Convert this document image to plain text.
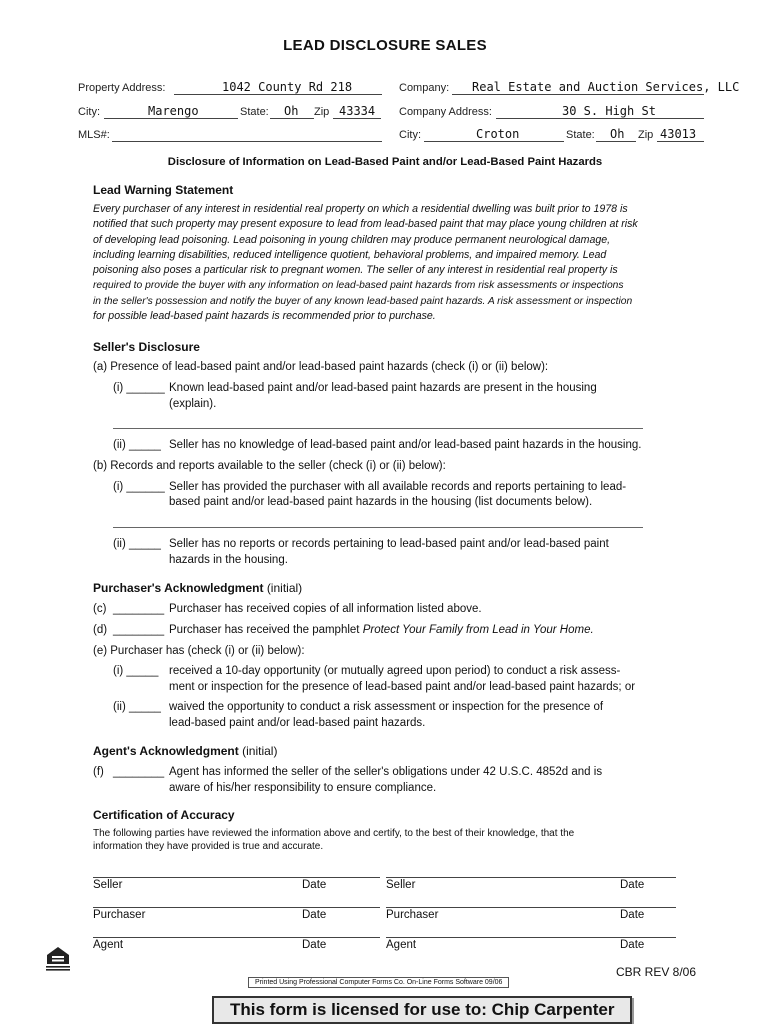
LEAD DISCLOSURE SALES
Property Address:	1042 County Rd 218
City:	Marengo	State: Oh Zip 43334
MLS#:
Company: Real Estate and Auction Services, LLC
Company Address:	30 S. High St
City:	Croton	State: Oh Zip 43013
Disclosure of Information on Lead-Based Paint and/or Lead-Based Paint Hazards
Lead Warning Statement
Every purchaser of any interest in residential real property on which a residential dwelling was built prior to 1978 is
notified that such property may present exposure to lead from lead-based paint that may place young children at risk
of developing lead poisoning. Lead poisoning in young children may produce permanent neurological damage,
including learning disabilities, reduced intelligence quotient, behavioral problems, and impaired memory. Lead
poisoning also poses a particular risk to pregnant women. The seller of any interest in residential real property is
required to provide the buyer with any information on lead-based paint hazards from risk assessments or inspections
in the seller's possession and notify the buyer of any known lead-based paint hazards. A risk assessment or inspection
for possible lead-based paint hazards is recommended prior to purchase.
Seller's Disclosure
(a) Presence of lead-based paint and/or lead-based paint hazards (check (i) or (ii) below):
(i) ______ Known lead-based paint and/or lead-based paint hazards are present in the housing
(explain).
(ii) _____ Seller has no knowledge of lead-based paint and/or lead-based paint hazards in the housing.
(b) Records and reports available to the seller (check (i) or (ii) below):
(i) ______ Seller has provided the purchaser with all available records and reports pertaining to lead-
based paint and/or lead-based paint hazards in the housing (list documents below).
(ii) _____ Seller has no reports or records pertaining to lead-based paint and/or lead-based paint
hazards in the housing.
Purchaser's Acknowledgment (initial)
(c) ________ Purchaser has received copies of all information listed above.
(d) ________ Purchaser has received the pamphlet Protect Your Family from Lead in Your Home.
(e) Purchaser has (check (i) or (ii) below):
(i) _____ received a 10-day opportunity (or mutually agreed upon period) to conduct a risk assess-
ment or inspection for the presence of lead-based paint and/or lead-based paint hazards; or
(ii) _____ waived the opportunity to conduct a risk assessment or inspection for the presence of
lead-based paint and/or lead-based paint hazards.
Agent's Acknowledgment (initial)
(f) ________ Agent has informed the seller of the seller's obligations under 42 U.S.C. 4852d and is
aware of his/her responsibility to ensure compliance.
Certification of Accuracy
The following parties have reviewed the information above and certify, to the best of their knowledge, that the
information they have provided is true and accurate.
Seller	Date	Seller	Date
Purchaser	Date	Purchaser	Date
Agent	Date	Agent	Date
CBR REV 8/06
Printed Using Professional Computer Forms Co. On-Line Forms Software 09/06
This form is licensed for use to: Chip Carpenter
